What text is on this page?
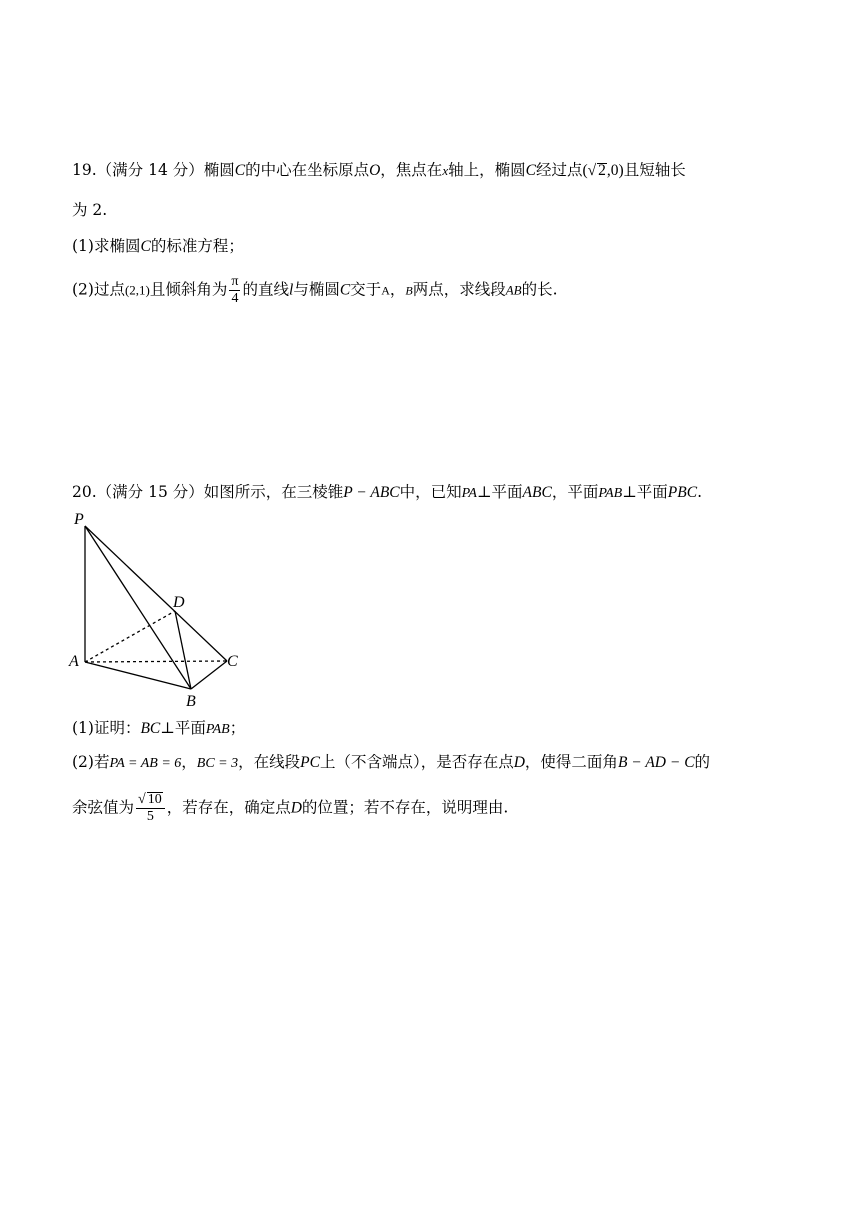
19.（满分 14 分）椭圆C的中心在坐标原点O，焦点在x轴上，椭圆C经过点(√ 2,0)且短轴长
为 2.
(1)求椭圆C的标准方程；
(2)过点(2,1)且倾斜角为 $\frac{\pi}{4}$ 的直线l与椭圆C交于A，B两点，求线段AB的长.
20.（满分 15 分）如图所示，在三棱锥P − ABC中，已知PA⊥平面ABC，平面PAB⊥平面PBC.
P
A
B
C
D
(1)证明：BC⊥平面PAB；
(2)若PA = AB = 6，BC = 3，在线段PC上（不含端点），是否存在点D，使得二面角B − AD − C的
余弦值为 $\frac{√ 10}{5}$ ，若存在，确定点D的位置；若不存在，说明理由.
